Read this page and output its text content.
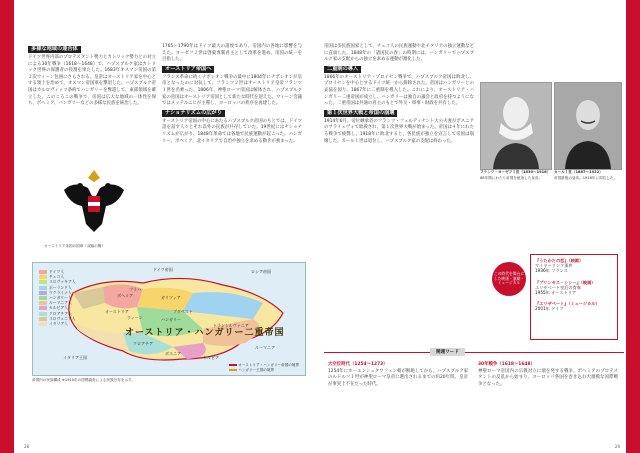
多様な地域の連合体
ドイツ世界内部のプロテスタント勢力とカトリック勢力との対立による30年戦争（1618〜1648）で、ハプスブルク家はカトリック世界の保護者の役割を果たした。1683年オスマン帝国の第２次ウィーン包囲にさらされる。皇帝はオーストリア家を中心とする領土を治めて、オスマン帝国軍を撃退した。ハプスブルク帝国はカルロヴィッツ条約でハンガリーを奪還して、東部領域を確立した。このころこの戦争で、帝国は広大な地域の一体性を保ち、ボヘミア、ハンガリーなどの多様な民族を統治した。
オーストリア帝国の国章（双頭の鷲）
1765〜1790年はドイツ最大の諸侯であり、帝国内の各地に影響を与えた。ヨーゼフ２世は啓蒙専制君主として改革を進め、帝国の統一を目指した。
オーストリア帝国へ
フランス革命に続くナポレオン戦争の最中に1804年にナポレオンが皇帝となったのに対抗して、フランツ２世はオーストリア皇帝フランツ１世を名乗った。1806年、神聖ローマ帝国は解体され、ハプスブルク家の帝国はオーストリア帝国として新たな時代を迎えた。ウィーン会議ではメッテルニヒが主導し、ヨーロッパの秩序を再建した。
ナショナリズムの広がり
オーストリア帝国の中心にあたるハプスブルク帝国のもとでは、ドイツ語を話す人々とそれ以外の民族が共存していた。19世紀にはナショナリズムが広がり、1848年革命では各地で民族運動が起こった。ハンガリー、ボヘミア、北イタリアで自治や独立を求める動きが強まった。
ドイツ人
チェコ人
スロヴァキア人
ポーランド人
ウクライナ人
ハンガリー人
ルーマニア人
セルビア人
クロアチア人
スロヴェニア人
イタリア人
ドイツ帝国	ロシア帝国
ガリツィア
ボヘミア
プラハ
オーストリア
ウィーン
オーストリア・ハンガリー二重帝国
ハンガリー
ブダペスト
トランシルヴァニア
クロアチア
ボスニア
セルビア
ルーマニア
イタリア王国
オーストリア・ハンガリー帝国の境界
ハンガリー王国の境界
帝国内の民族構成 ※1910年の国勢調査による民族分布を示す。
28
帝国は多民族国家として、チェコ人の民族運動や北イタリアの独立運動などに直面した。1848年の「諸国民の春」の時期には、ハンガリーでハプスブルク家の支配からの独立を求める運動が激化した。
二重制の導入
1866年のオーストリア・プロイセン戦争で、ハプスブルク帝国は敗北し、プロイセンを中心とするドイツ統一から排除された。帝国はハンガリーとの妥協を図り、1867年に二重制を導入した。これにより、オーストリア・ハンガリー二重帝国が成立し、ハンガリーは独自の議会と政府を持つようになった。二重帝国は共通の君主のもとで外交・軍事・財政を共有した。
第１次世界大戦と帝国の崩壊
1914年6月、帝位継承者のフランツ・フェルディナント大公夫妻がボスニアのサライェヴォで暗殺され、第１次世界大戦が始まった。帝国は４年にわたる戦争で疲弊し、1918年に敗北すると、各民族が独立を宣言して帝国は崩壊した。カール１世は退位し、ハプスブルク家の支配は終わった。
フランツ・ヨーゼフ１世（1830〜1916）
68年間にわたり帝国を統治した皇帝。
カール１世（1887〜1922）
帝国最後の皇帝。1916年に即位した。
この時代を舞台にした映画・演劇・ミュージカル
『うたかたの恋』（映画）
マイヤーリンク事件
1936年 フランス
『プリンセス・シシー』（映画）
エリザベート皇后の青春
1955年 オーストリア
『エリザベート』（ミュージカル）
2001年 ドイツ
関連ワード
大空位時代（1254〜1273）
1254年にホーエンシュタウフェン朝が断絶してから、ハプスブルク家のルドルフ１世が神聖ローマ皇帝に選出されるまでの約20年間、皇帝が事実上不在だった時代。
30年戦争（1618〜1648）
神聖ローマ帝国内の宗教対立に端を発する戦争。ボヘミアのプロテスタントの反乱から始まり、ヨーロッパ各国を巻き込む大規模な国際戦争となった。
29
